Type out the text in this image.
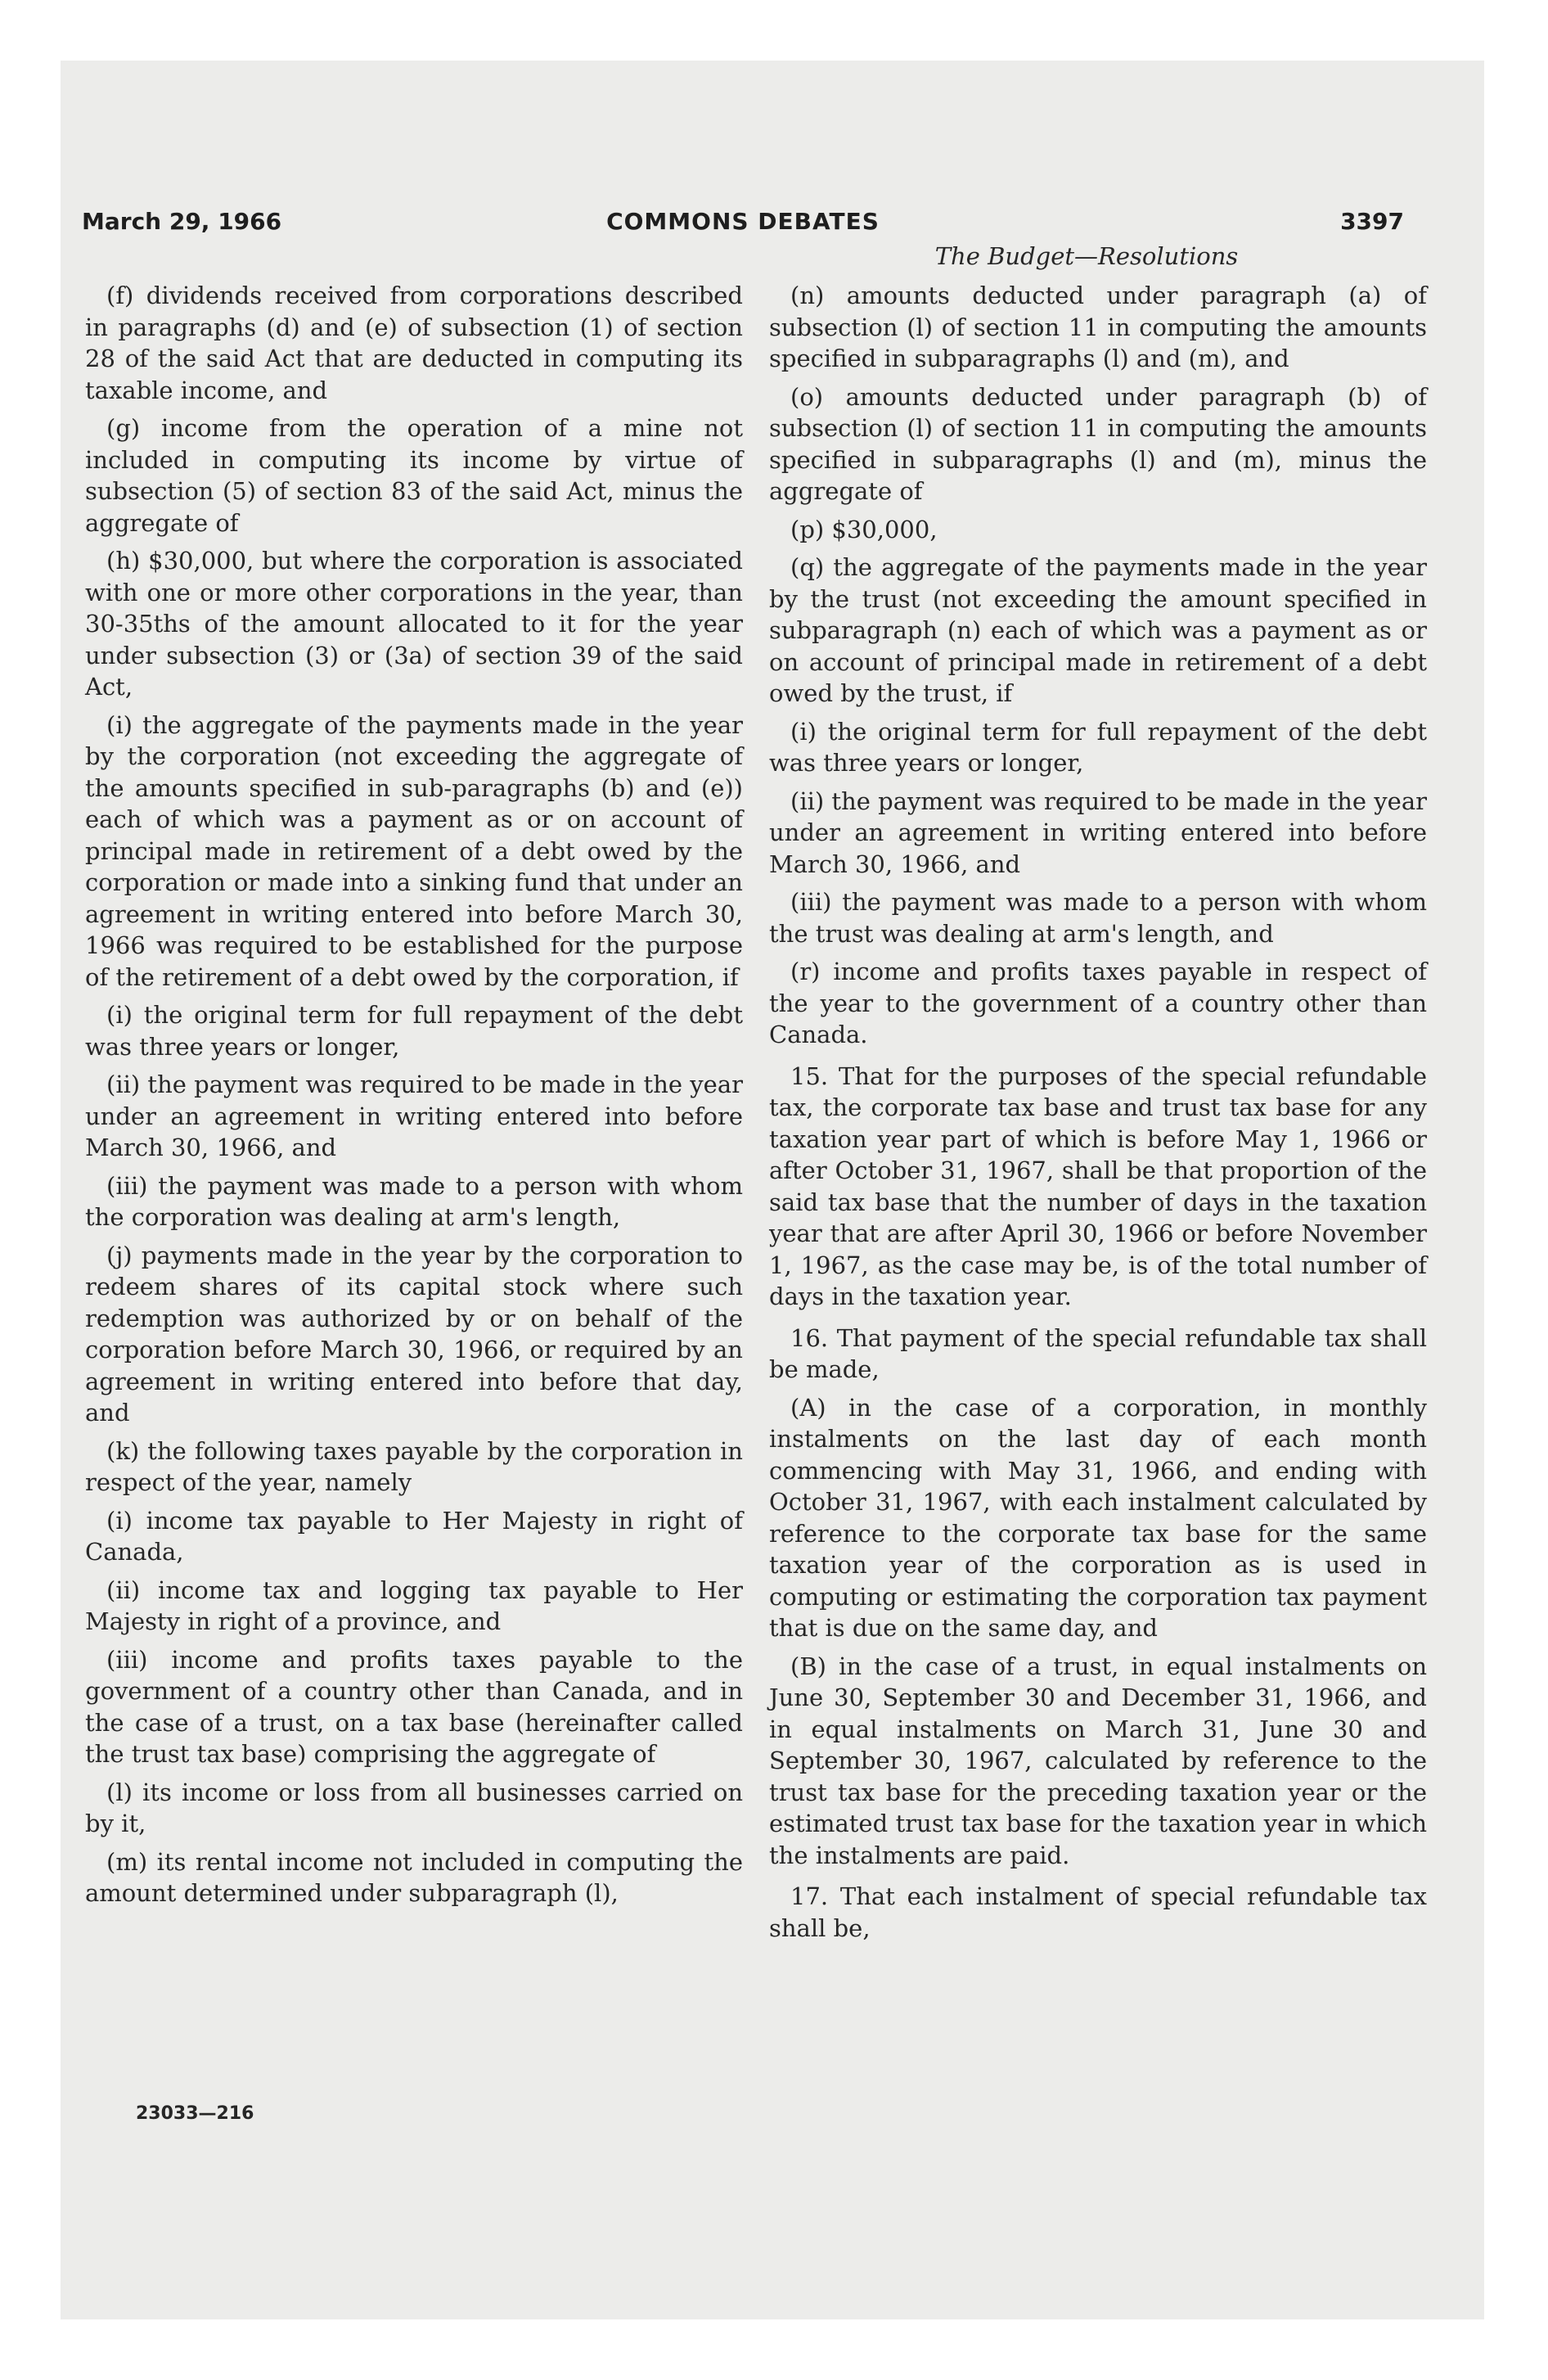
March 29, 1966	COMMONS DEBATES	3397
The Budget—Resolutions

(f) dividends received from corporations described in paragraphs (d) and (e) of subsection (1) of section 28 of the said Act that are deducted in computing its taxable income, and

(g) income from the operation of a mine not included in computing its income by virtue of subsection (5) of section 83 of the said Act, minus the aggregate of

(h) $30,000, but where the corporation is associated with one or more other corporations in the year, than 30-35ths of the amount allocated to it for the year under subsection (3) or (3a) of section 39 of the said Act,

(i) the aggregate of the payments made in the year by the corporation (not exceeding the aggregate of the amounts specified in sub-paragraphs (b) and (e)) each of which was a payment as or on account of principal made in retirement of a debt owed by the corporation or made into a sinking fund that under an agreement in writing entered into before March 30, 1966 was required to be established for the purpose of the retirement of a debt owed by the corporation, if

(i) the original term for full repayment of the debt was three years or longer,

(ii) the payment was required to be made in the year under an agreement in writing entered into before March 30, 1966, and

(iii) the payment was made to a person with whom the corporation was dealing at arm's length,

(j) payments made in the year by the corporation to redeem shares of its capital stock where such redemption was authorized by or on behalf of the corporation before March 30, 1966, or required by an agreement in writing entered into before that day, and

(k) the following taxes payable by the corporation in respect of the year, namely

(i) income tax payable to Her Majesty in right of Canada,

(ii) income tax and logging tax payable to Her Majesty in right of a province, and

(iii) income and profits taxes payable to the government of a country other than Canada, and in the case of a trust, on a tax base (hereinafter called the trust tax base) comprising the aggregate of

(l) its income or loss from all businesses carried on by it,

(m) its rental income not included in computing the amount determined under subparagraph (l),

(n) amounts deducted under paragraph (a) of subsection (l) of section 11 in computing the amounts specified in subparagraphs (l) and (m), and

(o) amounts deducted under paragraph (b) of subsection (l) of section 11 in computing the amounts specified in subparagraphs (l) and (m), minus the aggregate of

(p) $30,000,

(q) the aggregate of the payments made in the year by the trust (not exceeding the amount specified in subparagraph (n) each of which was a payment as or on account of principal made in retirement of a debt owed by the trust, if

(i) the original term for full repayment of the debt was three years or longer,

(ii) the payment was required to be made in the year under an agreement in writing entered into before March 30, 1966, and

(iii) the payment was made to a person with whom the trust was dealing at arm's length, and

(r) income and profits taxes payable in respect of the year to the government of a country other than Canada.

15. That for the purposes of the special refundable tax, the corporate tax base and trust tax base for any taxation year part of which is before May 1, 1966 or after October 31, 1967, shall be that proportion of the said tax base that the number of days in the taxation year that are after April 30, 1966 or before November 1, 1967, as the case may be, is of the total number of days in the taxation year.

16. That payment of the special refundable tax shall be made,

(A) in the case of a corporation, in monthly instalments on the last day of each month commencing with May 31, 1966, and ending with October 31, 1967, with each instalment calculated by reference to the corporate tax base for the same taxation year of the corporation as is used in computing or estimating the corporation tax payment that is due on the same day, and

(B) in the case of a trust, in equal instalments on June 30, September 30 and December 31, 1966, and in equal instalments on March 31, June 30 and September 30, 1967, calculated by reference to the trust tax base for the preceding taxation year or the estimated trust tax base for the taxation year in which the instalments are paid.

17. That each instalment of special refundable tax shall be,

23033—216
